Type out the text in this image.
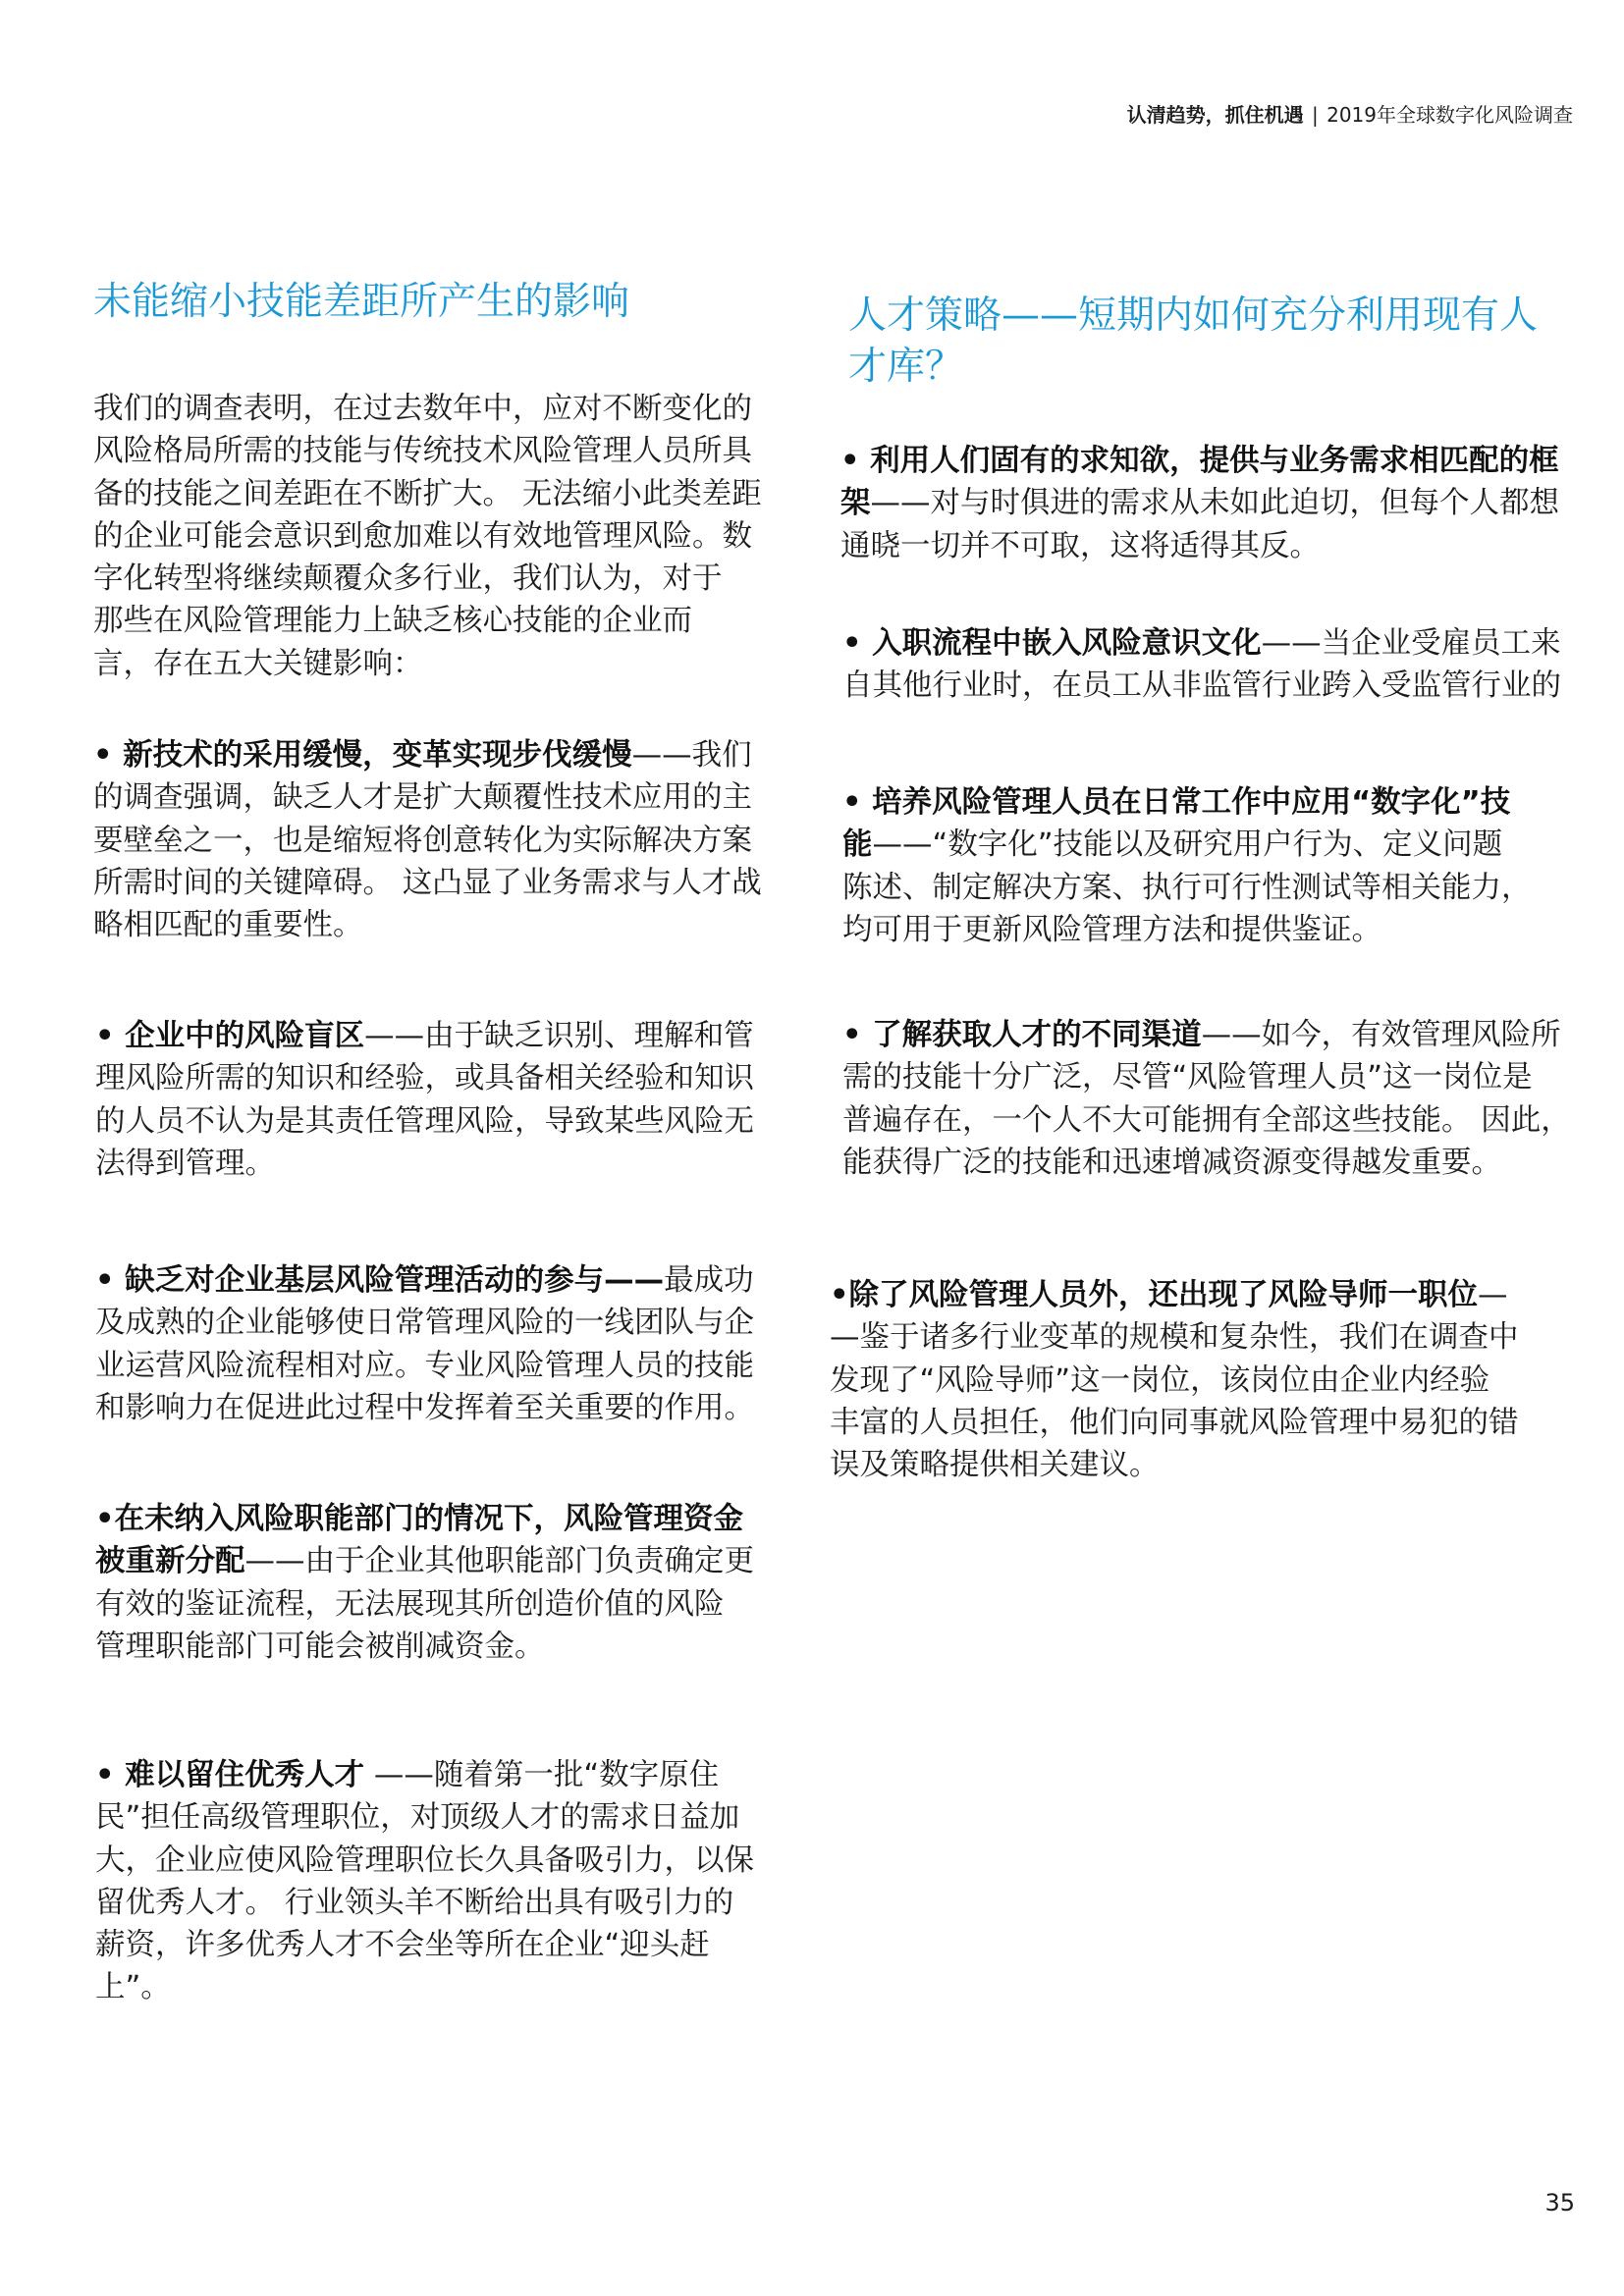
认清趋势，抓住机遇 | 2019年全球数字化风险调查
未能缩小技能差距所产生的影响
我们的调查表明，在过去数年中，应对不断变化的
风险格局所需的技能与传统技术风险管理人员所具
备的技能之间差距在不断扩大。 无法缩小此类差距
的企业可能会意识到愈加难以有效地管理风险。数
字化转型将继续颠覆众多行业，我们认为，对于
那些在风险管理能力上缺乏核心技能的企业而
言，存在五大关键影响：
• 新技术的采用缓慢，变革实现步伐缓慢——我们
的调查强调，缺乏人才是扩大颠覆性技术应用的主
要壁垒之一，也是缩短将创意转化为实际解决方案
所需时间的关键障碍。 这凸显了业务需求与人才战
略相匹配的重要性。
• 企业中的风险盲区——由于缺乏识别、理解和管
理风险所需的知识和经验，或具备相关经验和知识
的人员不认为是其责任管理风险，导致某些风险无
法得到管理。
• 缺乏对企业基层风险管理活动的参与——最成功
及成熟的企业能够使日常管理风险的一线团队与企
业运营风险流程相对应。专业风险管理人员的技能
和影响力在促进此过程中发挥着至关重要的作用。
•在未纳入风险职能部门的情况下，风险管理资金
被重新分配——由于企业其他职能部门负责确定更
有效的鉴证流程，无法展现其所创造价值的风险
管理职能部门可能会被削减资金。
• 难以留住优秀人才 ——随着第一批“数字原住
民”担任高级管理职位，对顶级人才的需求日益加
大，企业应使风险管理职位长久具备吸引力，以保
留优秀人才。 行业领头羊不断给出具有吸引力的
薪资，许多优秀人才不会坐等所在企业“迎头赶
上”。
人才策略——短期内如何充分利用现有人
才库？
• 利用人们固有的求知欲，提供与业务需求相匹配的框
架——对与时俱进的需求从未如此迫切，但每个人都想
通晓一切并不可取，这将适得其反。
• 入职流程中嵌入风险意识文化——当企业受雇员工来
自其他行业时，在员工从非监管行业跨入受监管行业的
• 培养风险管理人员在日常工作中应用“数字化”技
能——“数字化”技能以及研究用户行为、定义问题
陈述、制定解决方案、执行可行性测试等相关能力，
均可用于更新风险管理方法和提供鉴证。
• 了解获取人才的不同渠道——如今，有效管理风险所
需的技能十分广泛，尽管“风险管理人员”这一岗位是
普遍存在，一个人不大可能拥有全部这些技能。 因此，
能获得广泛的技能和迅速增减资源变得越发重要。
•除了风险管理人员外，还出现了风险导师一职位—
—鉴于诸多行业变革的规模和复杂性，我们在调查中
发现了“风险导师”这一岗位，该岗位由企业内经验
丰富的人员担任，他们向同事就风险管理中易犯的错
误及策略提供相关建议。
35
